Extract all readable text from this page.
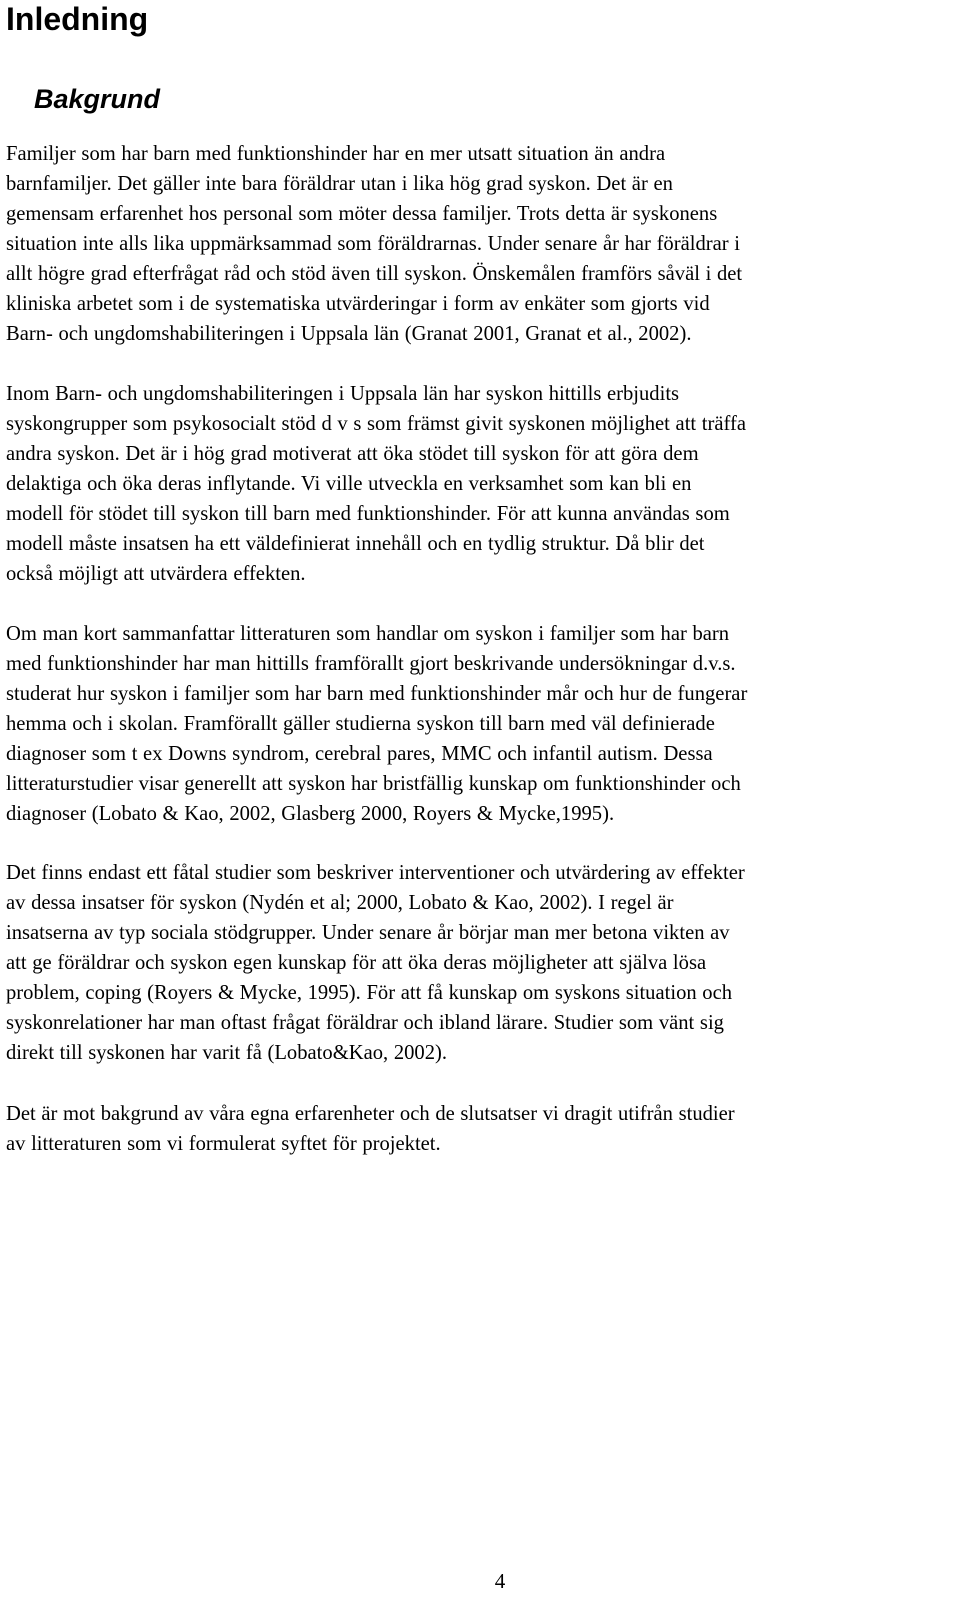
Inledning
Bakgrund

Familjer som har barn med funktionshinder har en mer utsatt situation än andra
barnfamiljer. Det gäller inte bara föräldrar utan i lika hög grad syskon. Det är en
gemensam erfarenhet hos personal som möter dessa familjer. Trots detta är syskonens
situation inte alls lika uppmärksammad som föräldrarnas. Under senare år har föräldrar i
allt högre grad efterfrågat råd och stöd även till syskon. Önskemålen framförs såväl i det
kliniska arbetet som i de systematiska utvärderingar i form av enkäter som gjorts vid
Barn- och ungdomshabiliteringen i Uppsala län (Granat 2001, Granat et al., 2002).

Inom Barn- och ungdomshabiliteringen i Uppsala län har syskon hittills erbjudits
syskongrupper som psykosocialt stöd d v s som främst givit syskonen möjlighet att träffa
andra syskon. Det är i hög grad motiverat att öka stödet till syskon för att göra dem
delaktiga och öka deras inflytande. Vi ville utveckla en verksamhet som kan bli en
modell för stödet till syskon till barn med funktionshinder. För att kunna användas som
modell måste insatsen ha ett väldefinierat innehåll och en tydlig struktur. Då blir det
också möjligt att utvärdera effekten.

Om man kort sammanfattar litteraturen som handlar om syskon i familjer som har barn
med funktionshinder har man hittills framförallt gjort beskrivande undersökningar d.v.s.
studerat hur syskon i familjer som har barn med funktionshinder mår och hur de fungerar
hemma och i skolan. Framförallt gäller studierna syskon till barn med väl definierade
diagnoser som t ex Downs syndrom, cerebral pares, MMC och infantil autism. Dessa
litteraturstudier visar generellt att syskon har bristfällig kunskap om funktionshinder och
diagnoser (Lobato & Kao, 2002, Glasberg 2000, Royers & Mycke,1995).

Det finns endast ett fåtal studier som beskriver interventioner och utvärdering av effekter
av dessa insatser för syskon (Nydén et al; 2000, Lobato & Kao, 2002). I regel är
insatserna av typ sociala stödgrupper. Under senare år börjar man mer betona vikten av
att ge föräldrar och syskon egen kunskap för att öka deras möjligheter att själva lösa
problem, coping (Royers & Mycke, 1995). För att få kunskap om syskons situation och
syskonrelationer har man oftast frågat föräldrar och ibland lärare. Studier som vänt sig
direkt till syskonen har varit få (Lobato&Kao, 2002).

Det är mot bakgrund av våra egna erfarenheter och de slutsatser vi dragit utifrån studier
av litteraturen som vi formulerat syftet för projektet.

4
